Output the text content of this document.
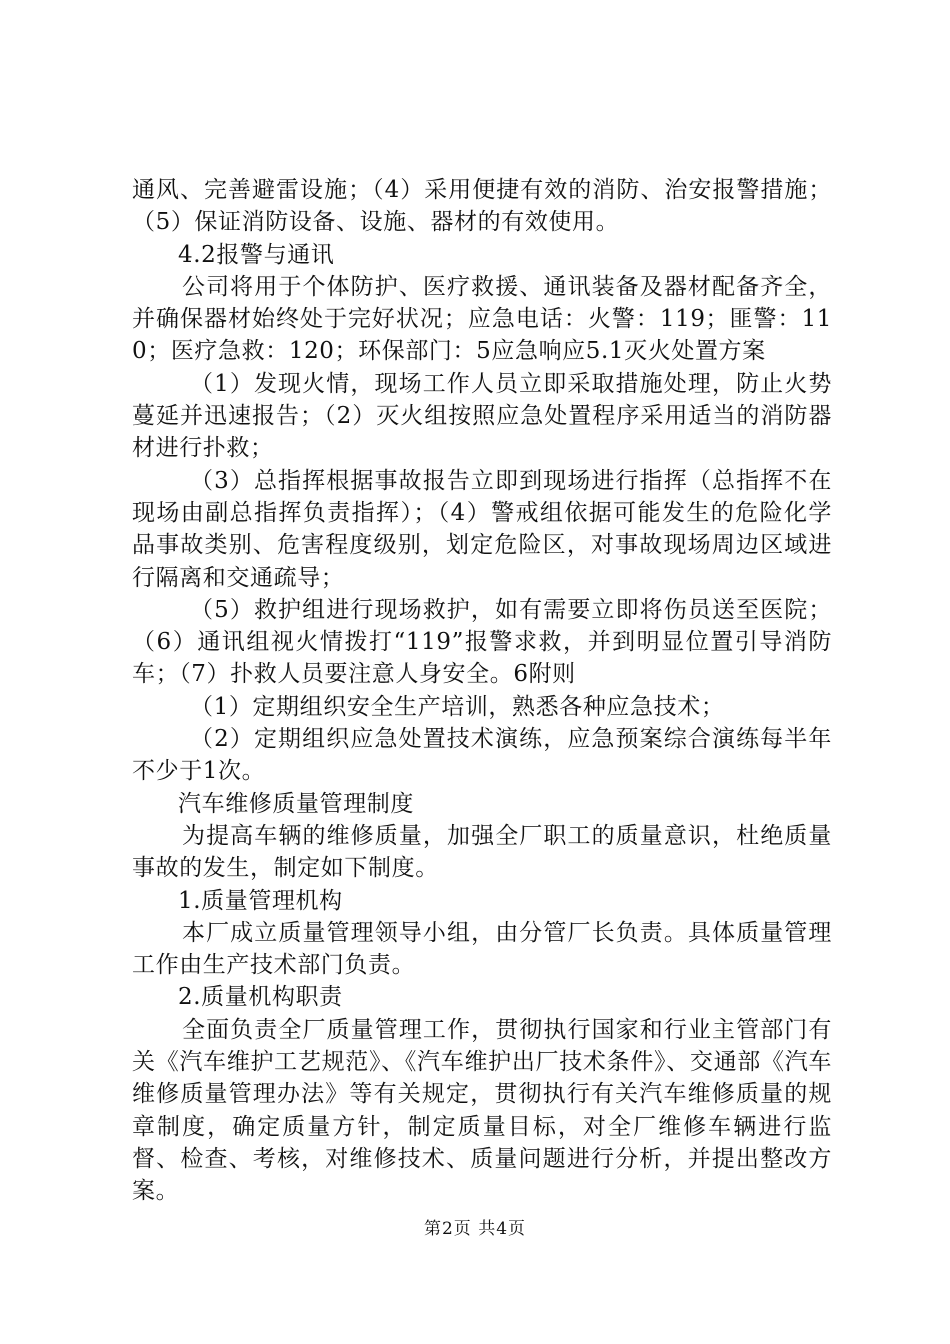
通风、完善避雷设施；（4）采用便捷有效的消防、治安报警措施；（5）保证消防设备、设施、器材的有效使用。

4.2报警与通讯

公司将用于个体防护、医疗救援、通讯装备及器材配备齐全，并确保器材始终处于完好状况；应急电话：火警：119；匪警：110；医疗急救：120；环保部门：5应急响应5.1灭火处置方案

（1）发现火情，现场工作人员立即采取措施处理，防止火势蔓延并迅速报告；（2）灭火组按照应急处置程序采用适当的消防器材进行扑救；

（3）总指挥根据事故报告立即到现场进行指挥（总指挥不在现场由副总指挥负责指挥）；（4）警戒组依据可能发生的危险化学品事故类别、危害程度级别，划定危险区，对事故现场周边区域进行隔离和交通疏导；

（5）救护组进行现场救护，如有需要立即将伤员送至医院；（6）通讯组视火情拨打“119”报警求救，并到明显位置引导消防车；（7）扑救人员要注意人身安全。6附则

（1）定期组织安全生产培训，熟悉各种应急技术；

（2）定期组织应急处置技术演练，应急预案综合演练每半年不少于1次。

汽车维修质量管理制度

为提高车辆的维修质量，加强全厂职工的质量意识，杜绝质量事故的发生，制定如下制度。

1.质量管理机构

本厂成立质量管理领导小组，由分管厂长负责。具体质量管理工作由生产技术部门负责。

2.质量机构职责

全面负责全厂质量管理工作，贯彻执行国家和行业主管部门有关《汽车维护工艺规范》、《汽车维护出厂技术条件》、交通部《汽车维修质量管理办法》等有关规定，贯彻执行有关汽车维修质量的规章制度，确定质量方针，制定质量目标，对全厂维修车辆进行监督、检查、考核，对维修技术、质量问题进行分析，并提出整改方案。

第2页 共4页
